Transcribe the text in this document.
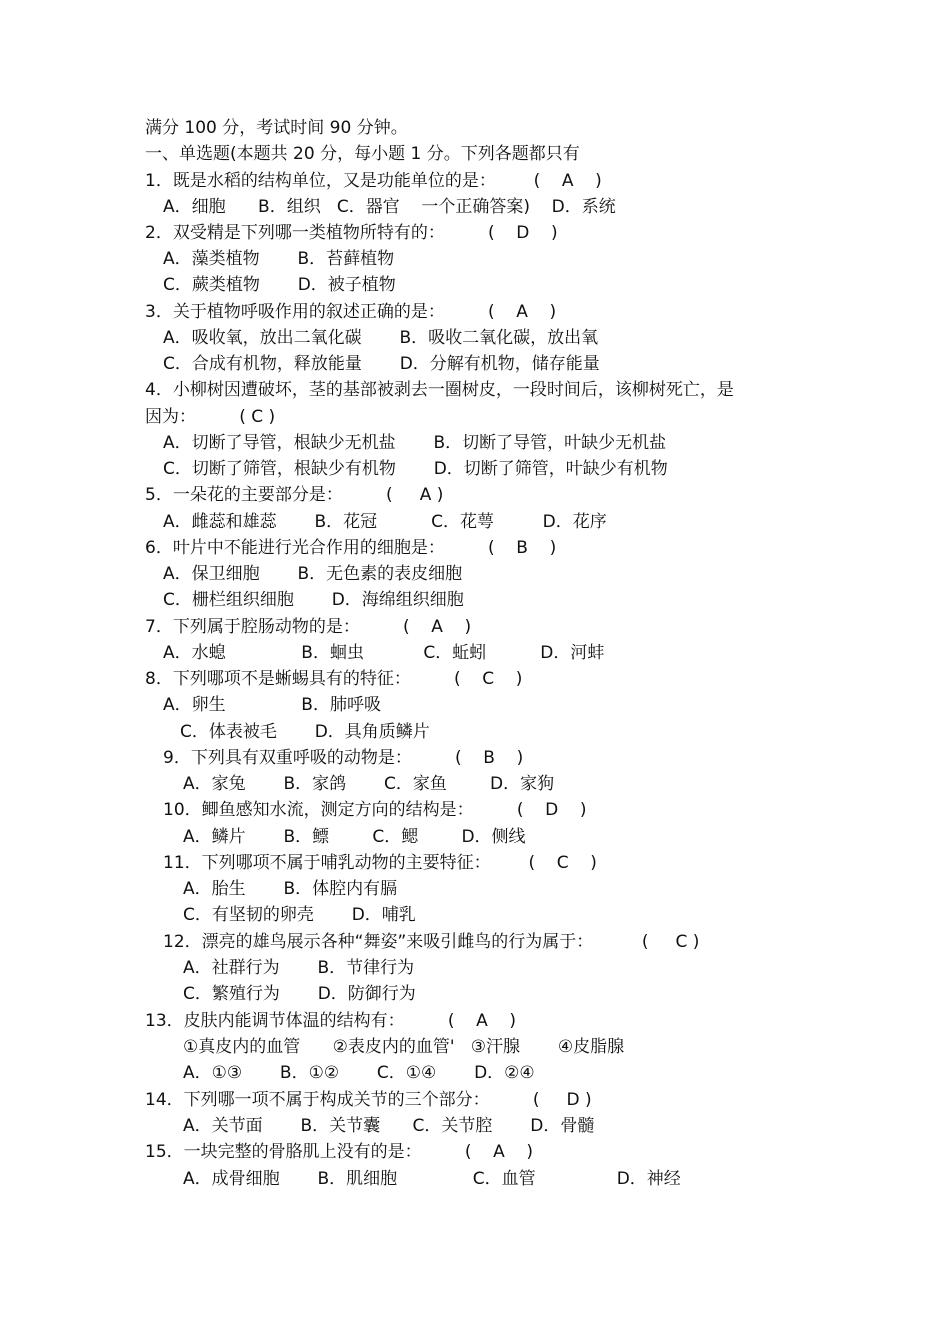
满分 100 分，考试时间 90 分钟。
一、单选题(本题共 20 分，每小题 1 分。下列各题都只有
1．既是水稻的结构单位，又是功能单位的是：       (    A    )
A．细胞      B．组织   C．器官    一个正确答案)    D．系统
2．双受精是下列哪一类植物所特有的：        (    D    )
A．藻类植物       B．苔藓植物
C．蕨类植物       D．被子植物
3．关于植物呼吸作用的叙述正确的是：        (    A    )
A．吸收氧，放出二氧化碳       B．吸收二氧化碳，放出氧
C．合成有机物，释放能量       D．分解有机物，储存能量
4．小柳树因遭破坏，茎的基部被剥去一圈树皮，一段时间后，该柳树死亡，是
因为：        ( C )
A．切断了导管，根缺少无机盐       B．切断了导管，叶缺少无机盐
C．切断了筛管，根缺少有机物       D．切断了筛管，叶缺少有机物
5．一朵花的主要部分是：        (     A )
A．雌蕊和雄蕊       B．花冠          C．花萼         D．花序
6．叶片中不能进行光合作用的细胞是：        (    B    )
A．保卫细胞       B．无色素的表皮细胞
C．栅栏组织细胞       D．海绵组织细胞
7．下列属于腔肠动物的是：        (    A    )
A．水螅              B．蛔虫           C．蚯蚓          D．河蚌
8．下列哪项不是蜥蜴具有的特征：        (    C    )
A．卵生              B．肺呼吸
C．体表被毛       D．具角质鳞片
9．下列具有双重呼吸的动物是：        (    B    )
A．家兔       B．家鸽       C．家鱼        D．家狗
10．鲫鱼感知水流，测定方向的结构是：        (    D    )
A．鳞片       B．鳔        C．鳃        D．侧线
11．下列哪项不属于哺乳动物的主要特征：       (    C    )
A．胎生       B．体腔内有膈
C．有坚韧的卵壳       D．哺乳
12．漂亮的雄鸟展示各种“舞姿”来吸引雌鸟的行为属于：         (     C )
A．社群行为       B．节律行为
C．繁殖行为       D．防御行为
13．皮肤内能调节体温的结构有：        (    A    )
①真皮内的血管      ②表皮内的血管'   ③汗腺       ④皮脂腺
A．①③       B．①②       C．①④       D．②④
14．下列哪一项不属于构成关节的三个部分：        (     D )
A．关节面       B．关节囊      C．关节腔       D．骨髓
15．一块完整的骨胳肌上没有的是：        (    A    )
A．成骨细胞       B．肌细胞              C．血管               D．神经
